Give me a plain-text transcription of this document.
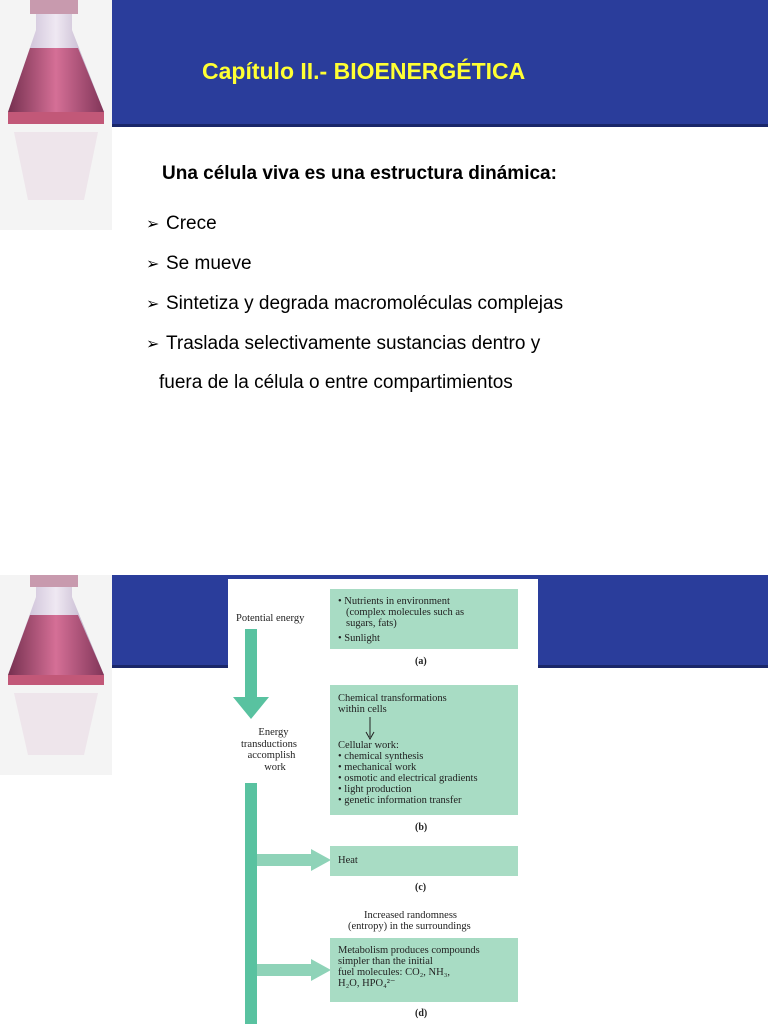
Capítulo II.- BIOENERGÉTICA

Una célula viva es una estructura dinámica:

➢ Crece
➢ Se mueve
➢ Sintetiza y degrada macromoléculas complejas
➢ Traslada selectivamente sustancias dentro y
fuera de la célula o entre compartimientos
Potential energy
• Nutrients in environment
(complex molecules such as
sugars, fats)
• Sunlight
(a)
Energy
transductions
accomplish
work
Chemical transformations
within cells
Cellular work:
• chemical synthesis
• mechanical work
• osmotic and electrical gradients
• light production
• genetic information transfer
(b)
Heat
(c)
Increased randomness
(entropy) in the surroundings
Metabolism produces compounds
simpler than the initial
fuel molecules: CO₂, NH₃,
H₂O, HPO₄²⁻
(d)
